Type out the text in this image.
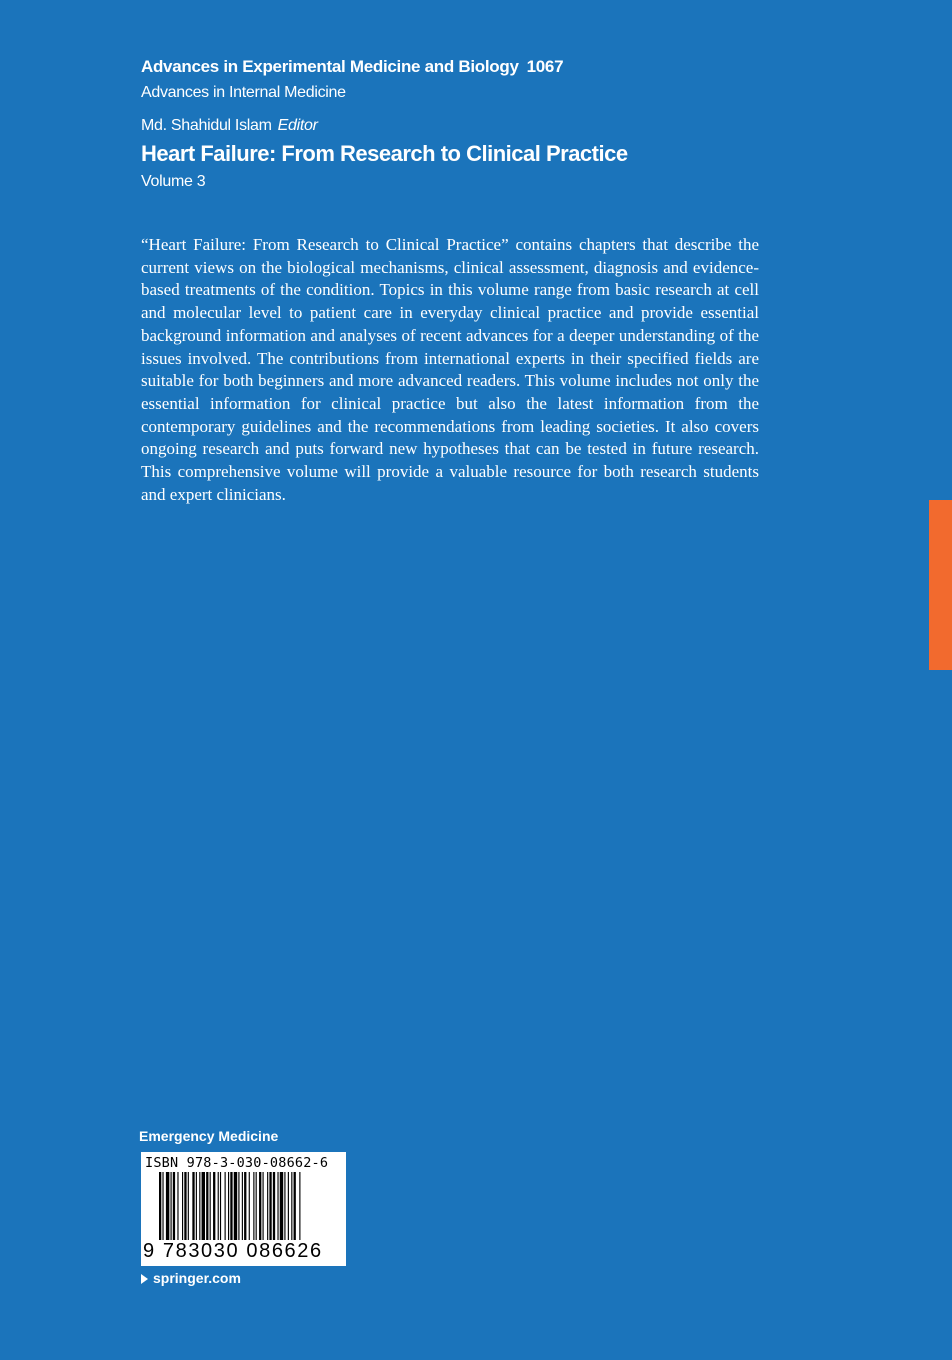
Advances in Experimental Medicine and Biology 1067
Advances in Internal Medicine
Md. Shahidul Islam Editor
Heart Failure: From Research to Clinical Practice
Volume 3

“Heart Failure: From Research to Clinical Practice” contains chapters that describe the current views on the biological mechanisms, clinical assessment, diagnosis and evidence-based treatments of the condition. Topics in this volume range from basic research at cell and molecular level to patient care in everyday clinical practice and provide essential background information and analyses of recent advances for a deeper understanding of the issues involved. The contributions from international experts in their specified fields are suitable for both beginners and more advanced readers. This volume includes not only the essential information for clinical practice but also the latest information from the contemporary guidelines and the recommendations from leading societies. It also covers ongoing research and puts forward new hypotheses that can be tested in future research. This comprehensive volume will provide a valuable resource for both research students and expert clinicians.

Emergency Medicine
ISBN 978-3-030-08662-6
9 783030 086626
springer.com
